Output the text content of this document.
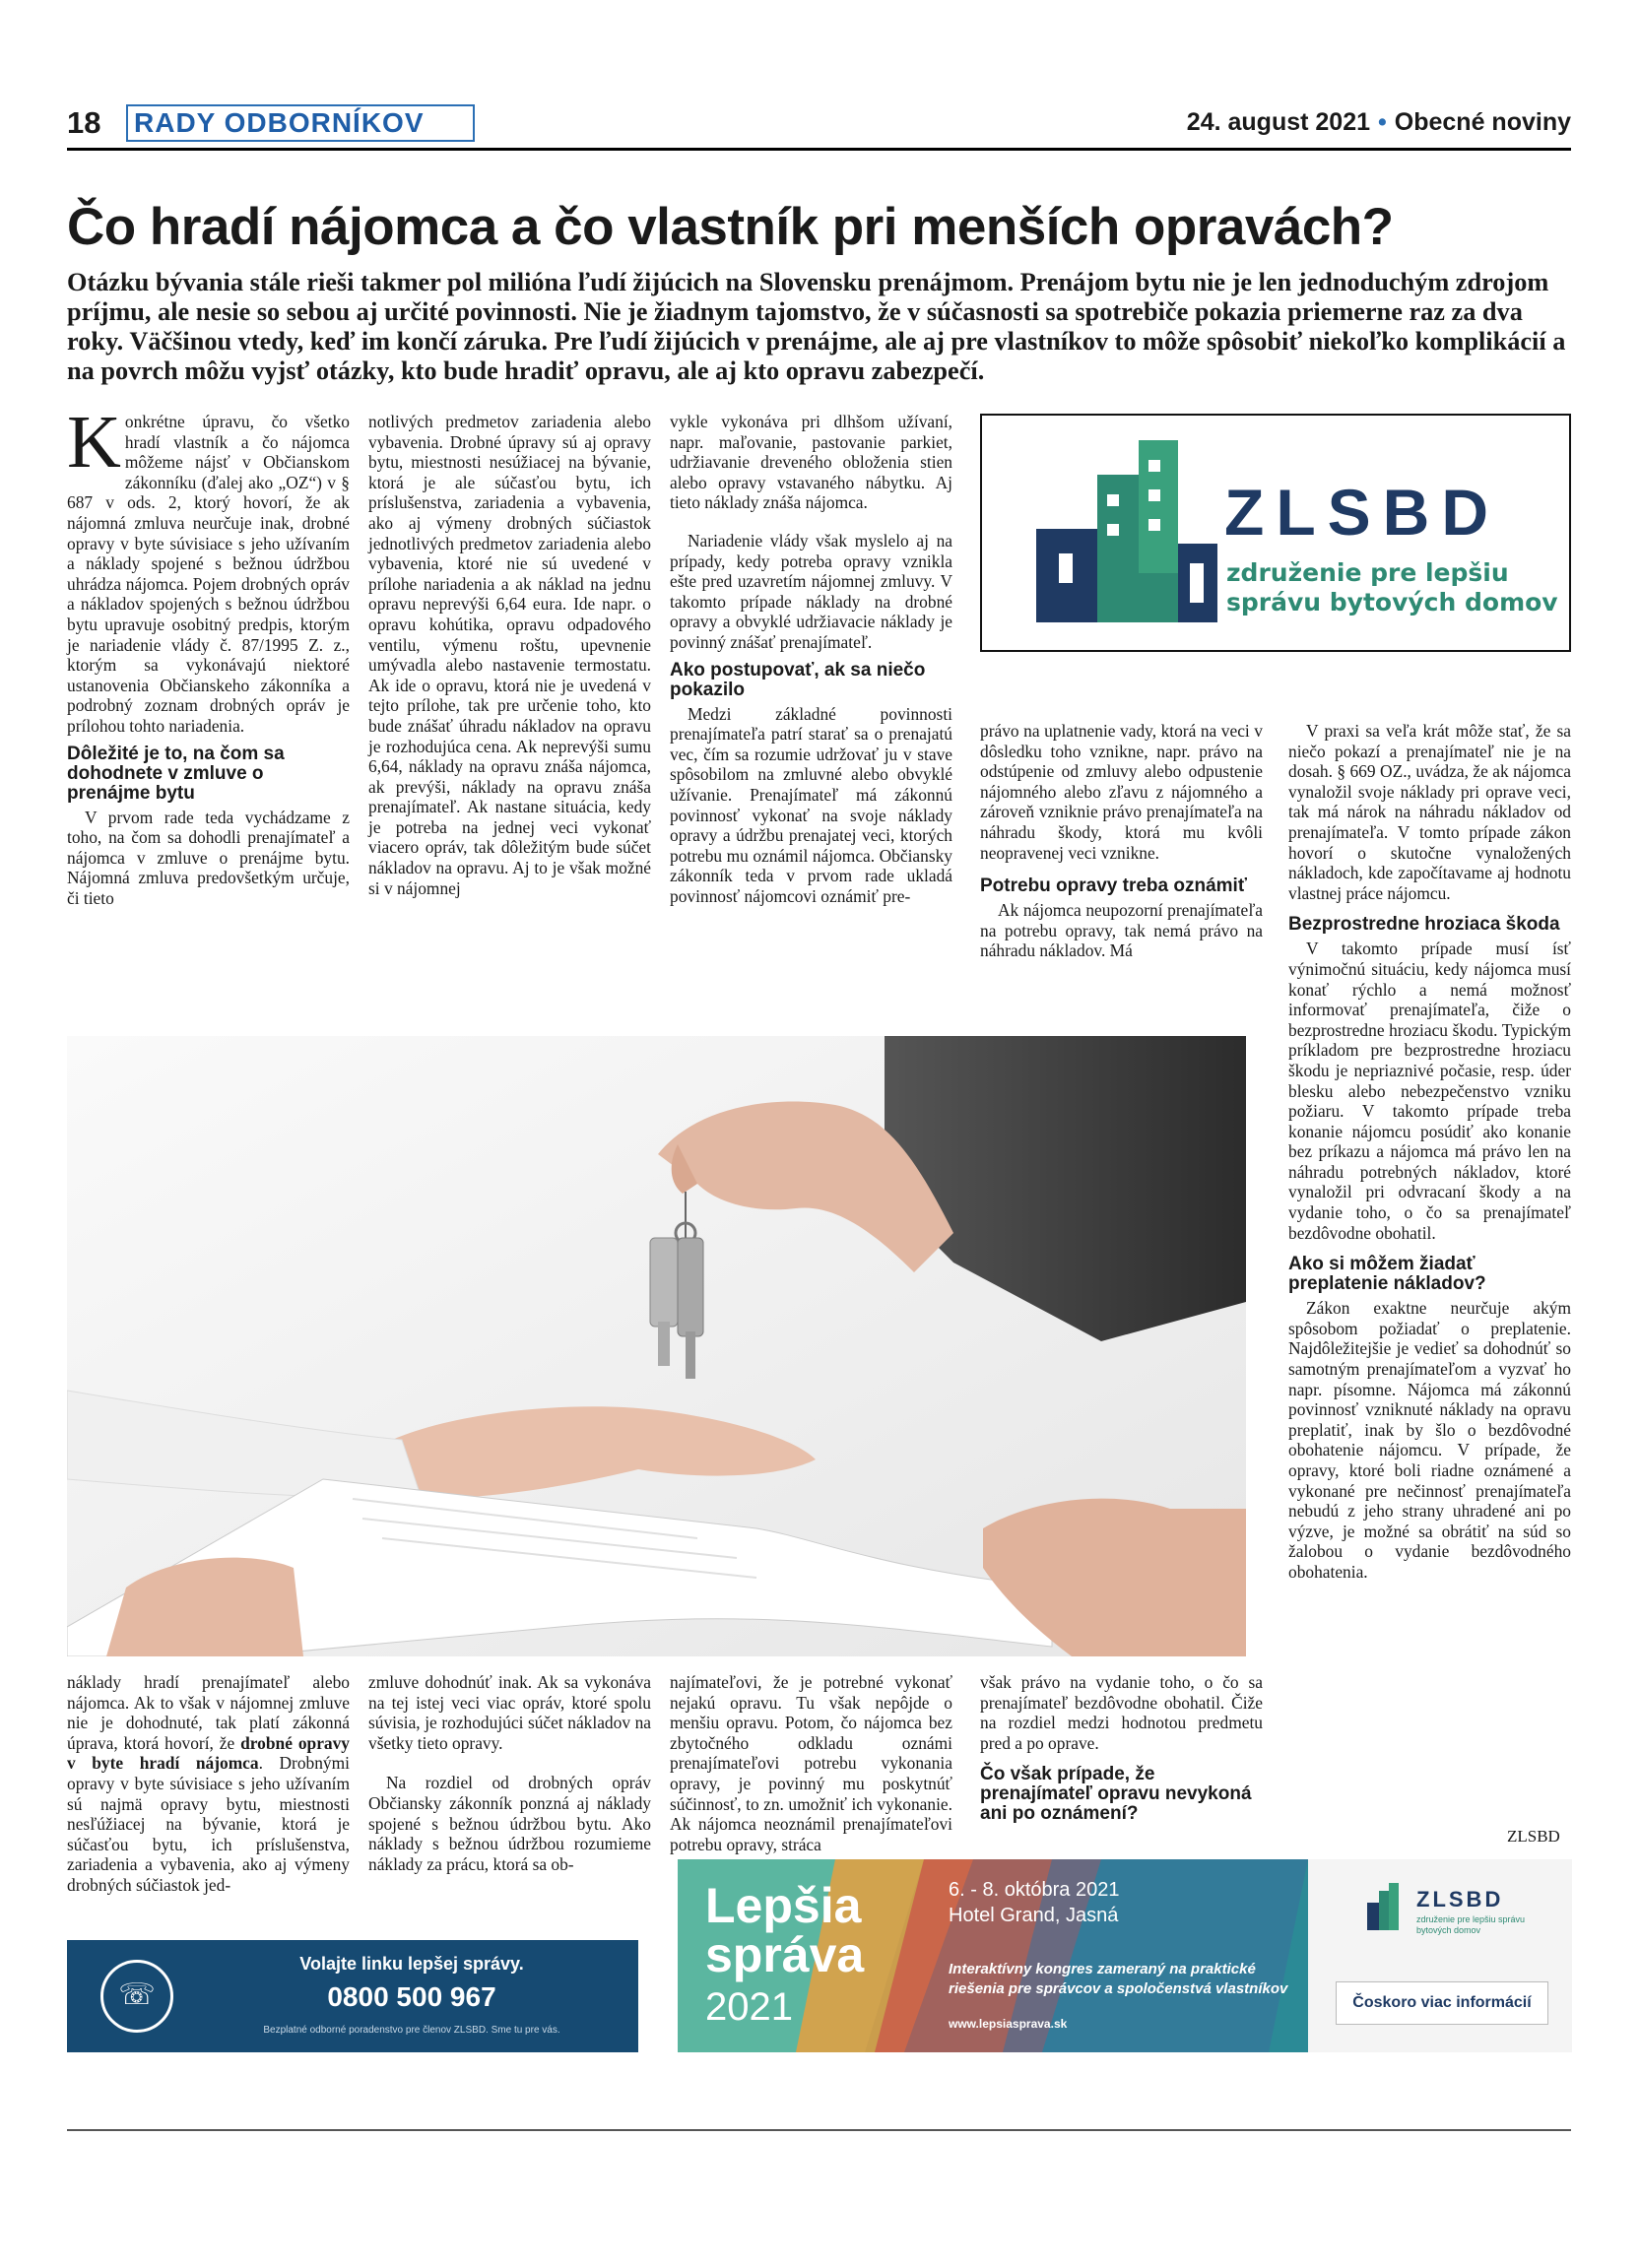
18 RADY ODBORNÍKOV	24. august 2021 • Obecné noviny
Čo hradí nájomca a čo vlastník pri menších opravách?

Otázku bývania stále rieši takmer pol milióna ľudí žijúcich na Slovensku prenájmom. Prenájom bytu nie je len jednoduchým zdrojom príjmu, ale nesie so sebou aj určité povinnosti. Nie je žiadnym tajomstvo, že v súčasnosti sa spotrebiče pokazia priemerne raz za dva roky. Väčšinou vtedy, keď im končí záruka. Pre ľudí žijúcich v prenájme, ale aj pre vlastníkov to môže spôsobiť niekoľko komplikácií a na povrch môžu vyjsť otázky, kto bude hradiť opravu, ale aj kto opravu zabezpečí.

Konkrétne úpravu, čo všetko hradí vlastník a čo nájomca môžeme nájsť v Občianskom zákonníku (ďalej ako „OZ“) v § 687 v ods. 2, ktorý hovorí, že ak nájomná zmluva neurčuje inak, drobné opravy v byte súvisiace s jeho užívaním a náklady spojené s bežnou údržbou uhrádza nájomca. Pojem drobných opráv a nákladov spojených s bežnou údržbou bytu upravuje osobitný predpis, ktorým je nariadenie vlády č. 87/1995 Z. z., ktorým sa vykonávajú niektoré ustanovenia Občianskeho zákonníka a podrobný zoznam drobných opráv je prílohou tohto nariadenia.

Dôležité je to, na čom sa dohodnete v zmluve o prenájme bytu

V prvom rade teda vychádzame z toho, na čom sa dohodli prenajímateľ a nájomca v zmluve o prenájme bytu. Nájomná zmluva predovšetkým určuje, či tieto

notlivých predmetov zariadenia alebo vybavenia. Drobné úpravy sú aj opravy bytu, miestnosti nesúžiacej na bývanie, ktorá je ale súčasťou bytu, ich príslušenstva, zariadenia a vybavenia, ako aj výmeny drobných súčiastok jednotlivých predmetov zariadenia alebo vybavenia, ktoré nie sú uvedené v prílohe nariadenia a ak náklad na jednu opravu neprevýši 6,64 eura. Ide napr. o opravu kohútika, opravu odpadového ventilu, výmenu roštu, upevnenie umývadla alebo nastavenie termostatu. Ak ide o opravu, ktorá nie je uvedená v tejto prílohe, tak pre určenie toho, kto bude znášať úhradu nákladov na opravu je rozhodujúca cena. Ak neprevýši sumu 6,64, náklady na opravu znáša nájomca, ak prevýši, náklady na opravu znáša prenajímateľ. Ak nastane situácia, kedy je potreba na jednej veci vykonať viacero opráv, tak dôležitým bude súčet nákladov na opravu. Aj to je však možné si v nájomnej

vykle vykonáva pri dlhšom užívaní, napr. maľovanie, pastovanie parkiet, udržiavanie dreveného obloženia stien alebo opravy vstavaného nábytku. Aj tieto náklady znáša nájomca.

Nariadenie vlády však myslelo aj na prípady, kedy potreba opravy vznikla ešte pred uzavretím nájomnej zmluvy. V takomto prípade náklady na drobné opravy a obvyklé udržiavacie náklady je povinný znášať prenajímateľ.

Ako postupovať, ak sa niečo pokazilo

Medzi základné povinnosti prenajímateľa patrí starať sa o prenajatú vec, čím sa rozumie udržovať ju v stave spôsobilom na zmluvné alebo obvyklé užívanie. Prenajímateľ má zákonnú povinnosť vykonať na svoje náklady opravy a údržbu prenajatej veci, ktorých potrebu mu oznámil nájomca. Občiansky zákonník teda v prvom rade ukladá povinnosť nájomcovi oznámiť pre-

ZLSBD
združenie pre lepšiu
správu bytových domov

právo na uplatnenie vady, ktorá na veci v dôsledku toho vznikne, napr. právo na odstúpenie od zmluvy alebo odpustenie nájomného alebo zľavu z nájomného a zároveň vzniknie právo prenajímateľa na náhradu škody, ktorá mu kvôli neopravenej veci vznikne.

Potrebu opravy treba oznámiť

Ak nájomca neupozorní prenajímateľa na potrebu opravy, tak nemá právo na náhradu nákladov. Má

V praxi sa veľa krát môže stať, že sa niečo pokazí a prenajímateľ nie je na dosah. § 669 OZ., uvádza, že ak nájomca vynaložil svoje náklady pri oprave veci, tak má nárok na náhradu nákladov od prenajímateľa. V tomto prípade zákon hovorí o skutočne vynaložených nákladoch, kde započítavame aj hodnotu vlastnej práce nájomcu.

Bezprostredne hroziaca škoda

V takomto prípade musí ísť výnimočnú situáciu, kedy nájomca musí konať rýchlo a nemá možnosť informovať prenajímateľa, čiže o bezprostredne hroziacu škodu. Typickým príkladom pre bezprostredne hroziacu škodu je nepriaznivé počasie, resp. úder blesku alebo nebezpečenstvo vzniku požiaru. V takomto prípade treba konanie nájomcu posúdiť ako konanie bez príkazu a nájomca má právo len na náhradu potrebných nákladov, ktoré vynaložil pri odvracaní škody a na vydanie toho, o čo sa prenajímateľ bezdôvodne obohatil.

Ako si môžem žiadať preplatenie nákladov?

Zákon exaktne neurčuje akým spôsobom požiadať o preplatenie. Najdôležitejšie je vedieť sa dohodnúť so samotným prenajímateľom a vyzvať ho napr. písomne. Nájomca má zákonnú povinnosť vzniknuté náklady na opravu preplatiť, inak by šlo o bezdôvodné obohatenie nájomcu. V prípade, že opravy, ktoré boli riadne oznámené a vykonané pre nečinnosť prenajímateľa nebudú z jeho strany uhradené ani po výzve, je možné sa obrátiť na súd so žalobou o vydanie bezdôvodného obohatenia.

ZLSBD

náklady hradí prenajímateľ alebo nájomca. Ak to však v nájomnej zmluve nie je dohodnuté, tak platí zákonná úprava, ktorá hovorí, že drobné opravy v byte hradí nájomca. Drobnými opravy v byte súvisiace s jeho užívaním sú najmä opravy bytu, miestnosti nesľúžiacej na bývanie, ktorá je súčasťou bytu, ich príslušenstva, zariadenia a vybavenia, ako aj výmeny drobných súčiastok jed-

zmluve dohodnúť inak. Ak sa vykonáva na tej istej veci viac opráv, ktoré spolu súvisia, je rozhodujúci súčet nákladov na všetky tieto opravy.

Na rozdiel od drobných opráv Občiansky zákonník ponzná aj náklady spojené s bežnou údržbou bytu. Ako náklady s bežnou údržbou rozumieme náklady za prácu, ktorá sa ob-

najímateľovi, že je potrebné vykonať nejakú opravu. Tu však nepôjde o menšiu opravu. Potom, čo nájomca bez zbytočného odkladu oznámi prenajímateľovi potrebu vykonania opravy, je povinný mu poskytnúť súčinnosť, to zn. umožniť ich vykonanie. Ak nájomca neoznámil prenajímateľovi potrebu opravy, stráca

však právo na vydanie toho, o čo sa prenajímateľ bezdôvodne obohatil. Čiže na rozdiel medzi hodnotou predmetu pred a po oprave.

Čo však prípade, že prenajímateľ opravu nevykoná ani po oznámení?
☏
Volajte linku lepšej správy.
0800 500 967
Bezplatné odborné poradenstvo pre členov ZLSBD. Sme tu pre vás.
Lepšia
správa
2021
6. - 8. októbra 2021
Hotel Grand, Jasná
Interaktívny kongres zameraný na praktické
riešenia pre správcov a spoločenstvá vlastníkov
www.lepsiasprava.sk
ZLSBD
združenie pre lepšiu správu bytových domov
Čoskoro viac informácií
